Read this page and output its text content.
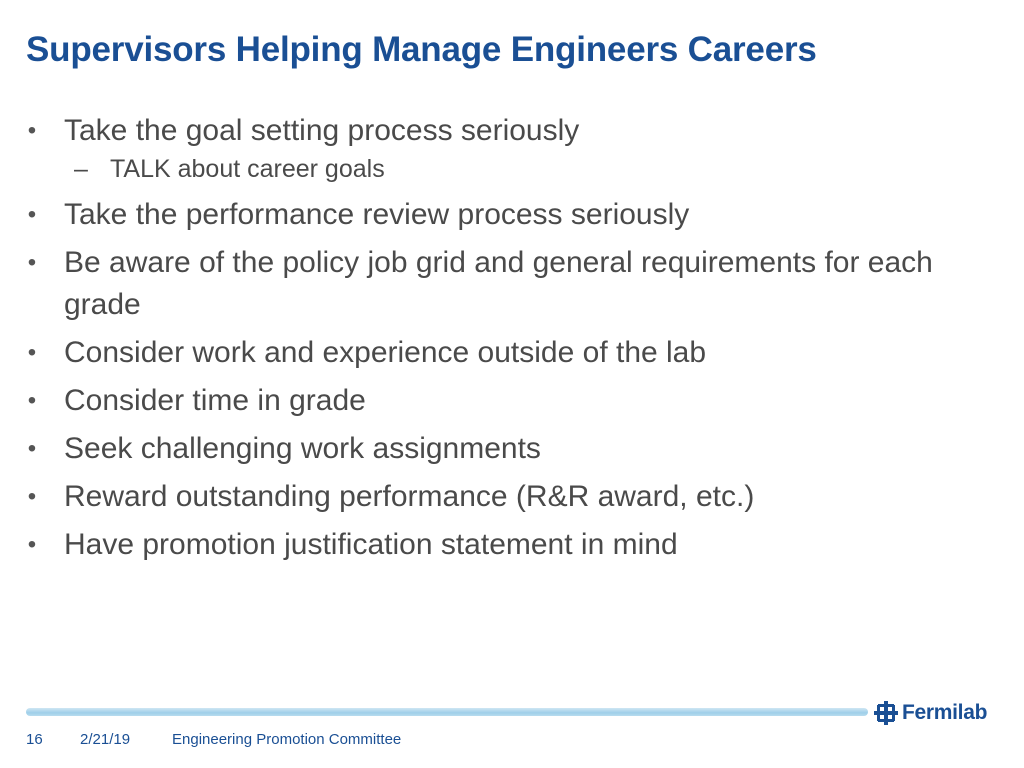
Supervisors Helping Manage Engineers Careers
• Take the goal setting process seriously
– TALK about career goals
• Take the performance review process seriously
• Be aware of the policy job grid and general requirements for each grade
• Consider work and experience outside of the lab
• Consider time in grade
• Seek challenging work assignments
• Reward outstanding performance (R&R award, etc.)
• Have promotion justification statement in mind
Fermilab
16 2/21/19	Engineering Promotion Committee
